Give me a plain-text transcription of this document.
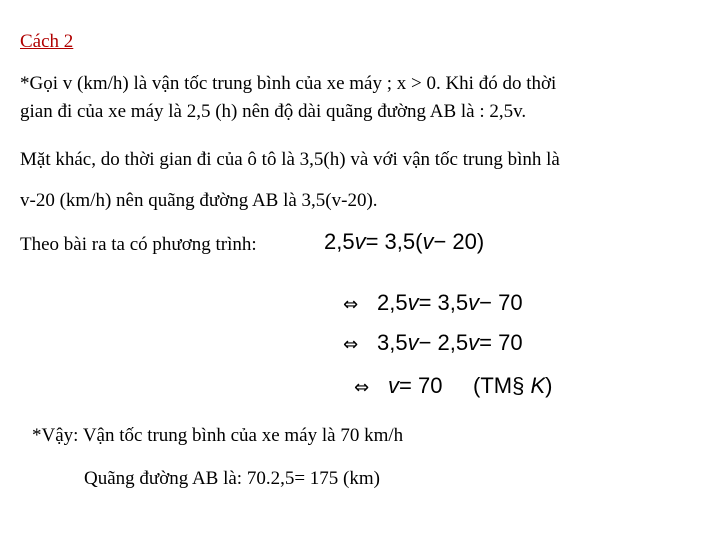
Cách 2
*Gọi v (km/h) là vận tốc trung bình của xe máy ; x > 0. Khi đó do thời
gian đi của xe máy là 2,5 (h) nên độ dài quãng đường AB là : 2,5v.
Mặt khác, do thời gian đi của ô tô là 3,5(h) và với vận tốc trung bình là
v-20 (km/h) nên quãng đường AB là 3,5(v-20).
Theo bài ra ta có phương trình:	2,5v= 3,5(v− 20)
⇔ 2,5v= 3,5v− 70
⇔ 3,5v− 2,5v= 70
⇔ v= 70     (TM§ K)
*Vậy: Vận tốc trung bình của xe máy là 70 km/h
Quãng đường AB là: 70.2,5= 175 (km)
